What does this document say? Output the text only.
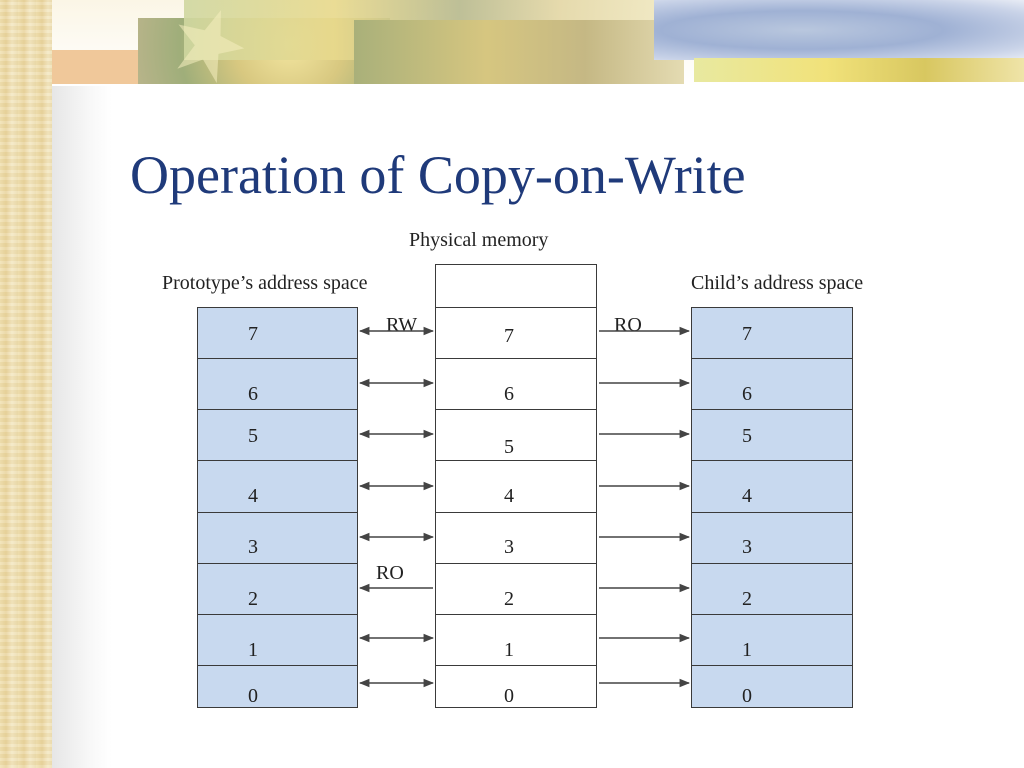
Operation of Copy-on-Write
Physical memory
Prototype’s address space	Child’s address space
7
6
5
4
3
2
1
0
7
6
5
4
3
2
1
0
7
6
5
4
3
2
1
0
RW	RO
RO
